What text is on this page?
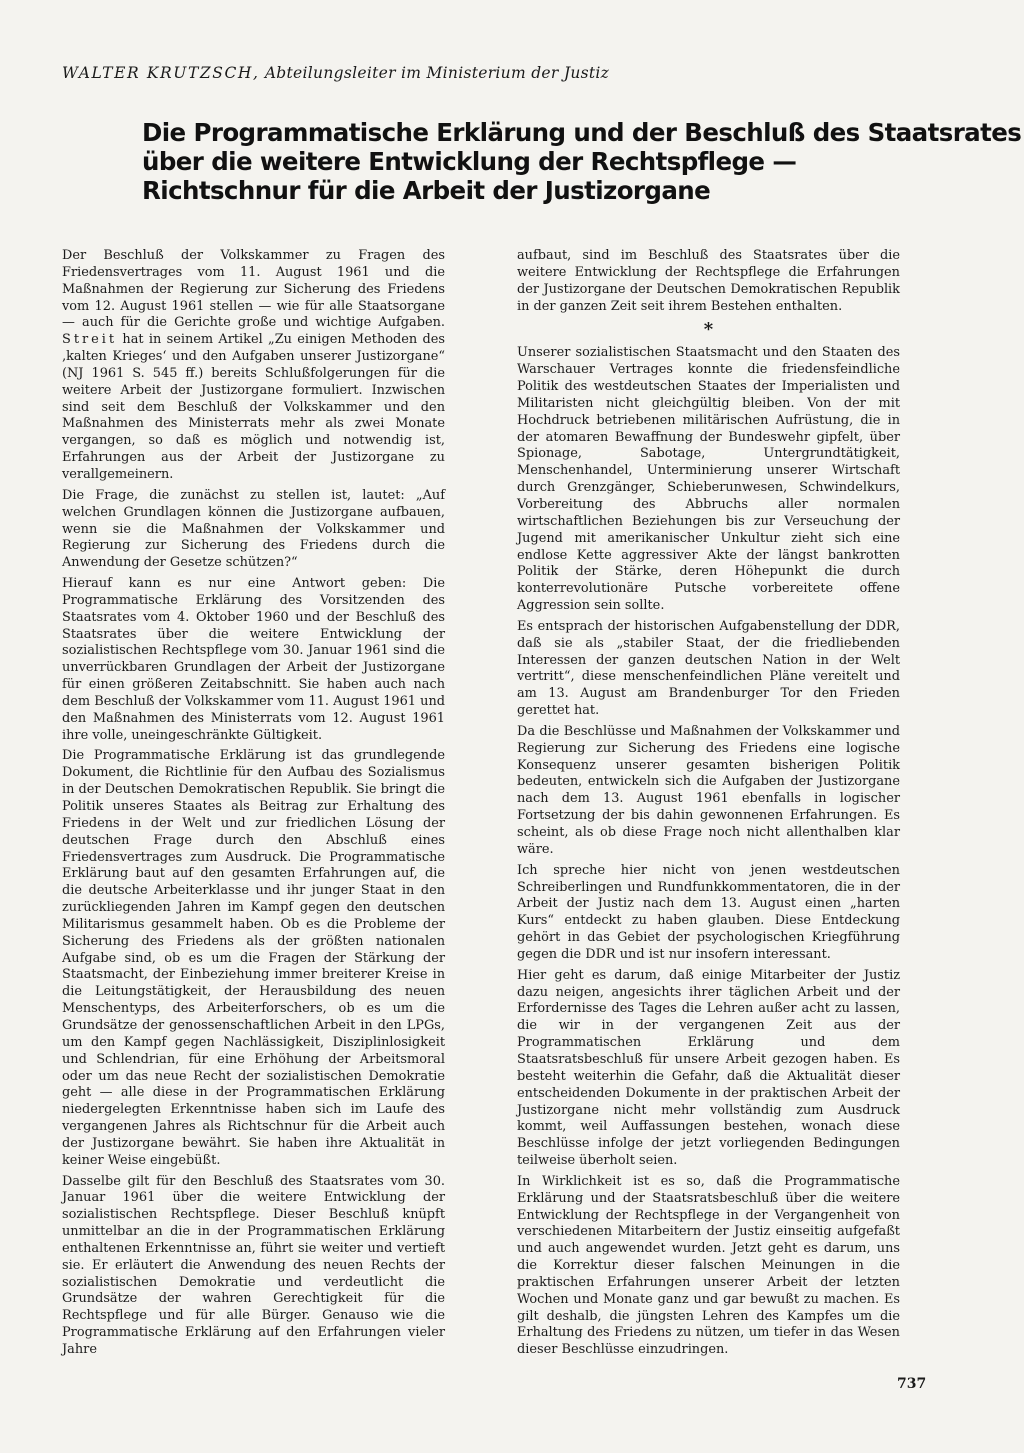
WALTER KRUTZSCH, Abteilungsleiter im Ministerium der Justiz
Die Programmatische Erklärung und der Beschluß des Staatsrates
über die weitere Entwicklung der Rechtspflege —
Richtschnur für die Arbeit der Justizorgane

Der Beschluß der Volkskammer zu Fragen des Friedensvertrages vom 11. August 1961 und die Maßnahmen der Regierung zur Sicherung des Friedens vom 12. August 1961 stellen — wie für alle Staatsorgane — auch für die Gerichte große und wichtige Aufgaben. Streit hat in seinem Artikel „Zu einigen Methoden des ‚kalten Krieges‘ und den Aufgaben unserer Justizorgane“ (NJ 1961 S. 545 ff.) bereits Schlußfolgerungen für die weitere Arbeit der Justizorgane formuliert. Inzwischen sind seit dem Beschluß der Volkskammer und den Maßnahmen des Ministerrats mehr als zwei Monate vergangen, so daß es möglich und notwendig ist, Erfahrungen aus der Arbeit der Justizorgane zu verallgemeinern.

Die Frage, die zunächst zu stellen ist, lautet: „Auf welchen Grundlagen können die Justizorgane aufbauen, wenn sie die Maßnahmen der Volkskammer und Regierung zur Sicherung des Friedens durch die Anwendung der Gesetze schützen?“

Hierauf kann es nur eine Antwort geben: Die Programmatische Erklärung des Vorsitzenden des Staatsrates vom 4. Oktober 1960 und der Beschluß des Staatsrates über die weitere Entwicklung der sozialistischen Rechtspflege vom 30. Januar 1961 sind die unverrückbaren Grundlagen der Arbeit der Justizorgane für einen größeren Zeitabschnitt. Sie haben auch nach dem Beschluß der Volkskammer vom 11. August 1961 und den Maßnahmen des Ministerrats vom 12. August 1961 ihre volle, uneingeschränkte Gültigkeit.

Die Programmatische Erklärung ist das grundlegende Dokument, die Richtlinie für den Aufbau des Sozialismus in der Deutschen Demokratischen Republik. Sie bringt die Politik unseres Staates als Beitrag zur Erhaltung des Friedens in der Welt und zur friedlichen Lösung der deutschen Frage durch den Abschluß eines Friedensvertrages zum Ausdruck. Die Programmatische Erklärung baut auf den gesamten Erfahrungen auf, die die deutsche Arbeiterklasse und ihr junger Staat in den zurückliegenden Jahren im Kampf gegen den deutschen Militarismus gesammelt haben. Ob es die Probleme der Sicherung des Friedens als der größten nationalen Aufgabe sind, ob es um die Fragen der Stärkung der Staatsmacht, der Einbeziehung immer breiterer Kreise in die Leitungstätigkeit, der Herausbildung des neuen Menschentyps, des Arbeiterforschers, ob es um die Grundsätze der genossenschaftlichen Arbeit in den LPGs, um den Kampf gegen Nachlässigkeit, Disziplinlosigkeit und Schlendrian, für eine Erhöhung der Arbeitsmoral oder um das neue Recht der sozialistischen Demokratie geht — alle diese in der Programmatischen Erklärung niedergelegten Erkenntnisse haben sich im Laufe des vergangenen Jahres als Richtschnur für die Arbeit auch der Justizorgane bewährt. Sie haben ihre Aktualität in keiner Weise eingebüßt.

Dasselbe gilt für den Beschluß des Staatsrates vom 30. Januar 1961 über die weitere Entwicklung der sozialistischen Rechtspflege. Dieser Beschluß knüpft unmittelbar an die in der Programmatischen Erklärung enthaltenen Erkenntnisse an, führt sie weiter und vertieft sie. Er erläutert die Anwendung des neuen Rechts der sozialistischen Demokratie und verdeutlicht die Grundsätze der wahren Gerechtigkeit für die Rechtspflege und für alle Bürger. Genauso wie die Programmatische Erklärung auf den Erfahrungen vieler Jahre

aufbaut, sind im Beschluß des Staatsrates über die weitere Entwicklung der Rechtspflege die Erfahrungen der Justizorgane der Deutschen Demokratischen Republik in der ganzen Zeit seit ihrem Bestehen enthalten.

*

Unserer sozialistischen Staatsmacht und den Staaten des Warschauer Vertrages konnte die friedensfeindliche Politik des westdeutschen Staates der Imperialisten und Militaristen nicht gleichgültig bleiben. Von der mit Hochdruck betriebenen militärischen Aufrüstung, die in der atomaren Bewaffnung der Bundeswehr gipfelt, über Spionage, Sabotage, Untergrundtätigkeit, Menschenhandel, Unterminierung unserer Wirtschaft durch Grenzgänger, Schieberunwesen, Schwindelkurs, Vorbereitung des Abbruchs aller normalen wirtschaftlichen Beziehungen bis zur Verseuchung der Jugend mit amerikanischer Unkultur zieht sich eine endlose Kette aggressiver Akte der längst bankrotten Politik der Stärke, deren Höhepunkt die durch konterrevolutionäre Putsche vorbereitete offene Aggression sein sollte.

Es entsprach der historischen Aufgabenstellung der DDR, daß sie als „stabiler Staat, der die friedliebenden Interessen der ganzen deutschen Nation in der Welt vertritt“, diese menschenfeindlichen Pläne vereitelt und am 13. August am Brandenburger Tor den Frieden gerettet hat.

Da die Beschlüsse und Maßnahmen der Volkskammer und Regierung zur Sicherung des Friedens eine logische Konsequenz unserer gesamten bisherigen Politik bedeuten, entwickeln sich die Aufgaben der Justizorgane nach dem 13. August 1961 ebenfalls in logischer Fortsetzung der bis dahin gewonnenen Erfahrungen. Es scheint, als ob diese Frage noch nicht allenthalben klar wäre.

Ich spreche hier nicht von jenen westdeutschen Schreiberlingen und Rundfunkkommentatoren, die in der Arbeit der Justiz nach dem 13. August einen „harten Kurs“ entdeckt zu haben glauben. Diese Entdeckung gehört in das Gebiet der psychologischen Kriegführung gegen die DDR und ist nur insofern interessant.

Hier geht es darum, daß einige Mitarbeiter der Justiz dazu neigen, angesichts ihrer täglichen Arbeit und der Erfordernisse des Tages die Lehren außer acht zu lassen, die wir in der vergangenen Zeit aus der Programmatischen Erklärung und dem Staatsratsbeschluß für unsere Arbeit gezogen haben. Es besteht weiterhin die Gefahr, daß die Aktualität dieser entscheidenden Dokumente in der praktischen Arbeit der Justizorgane nicht mehr vollständig zum Ausdruck kommt, weil Auffassungen bestehen, wonach diese Beschlüsse infolge der jetzt vorliegenden Bedingungen teilweise überholt seien.

In Wirklichkeit ist es so, daß die Programmatische Erklärung und der Staatsratsbeschluß über die weitere Entwicklung der Rechtspflege in der Vergangenheit von verschiedenen Mitarbeitern der Justiz einseitig aufgefaßt und auch angewendet wurden. Jetzt geht es darum, uns die Korrektur dieser falschen Meinungen in die praktischen Erfahrungen unserer Arbeit der letzten Wochen und Monate ganz und gar bewußt zu machen. Es gilt deshalb, die jüngsten Lehren des Kampfes um die Erhaltung des Friedens zu nützen, um tiefer in das Wesen dieser Beschlüsse einzudringen.

737
